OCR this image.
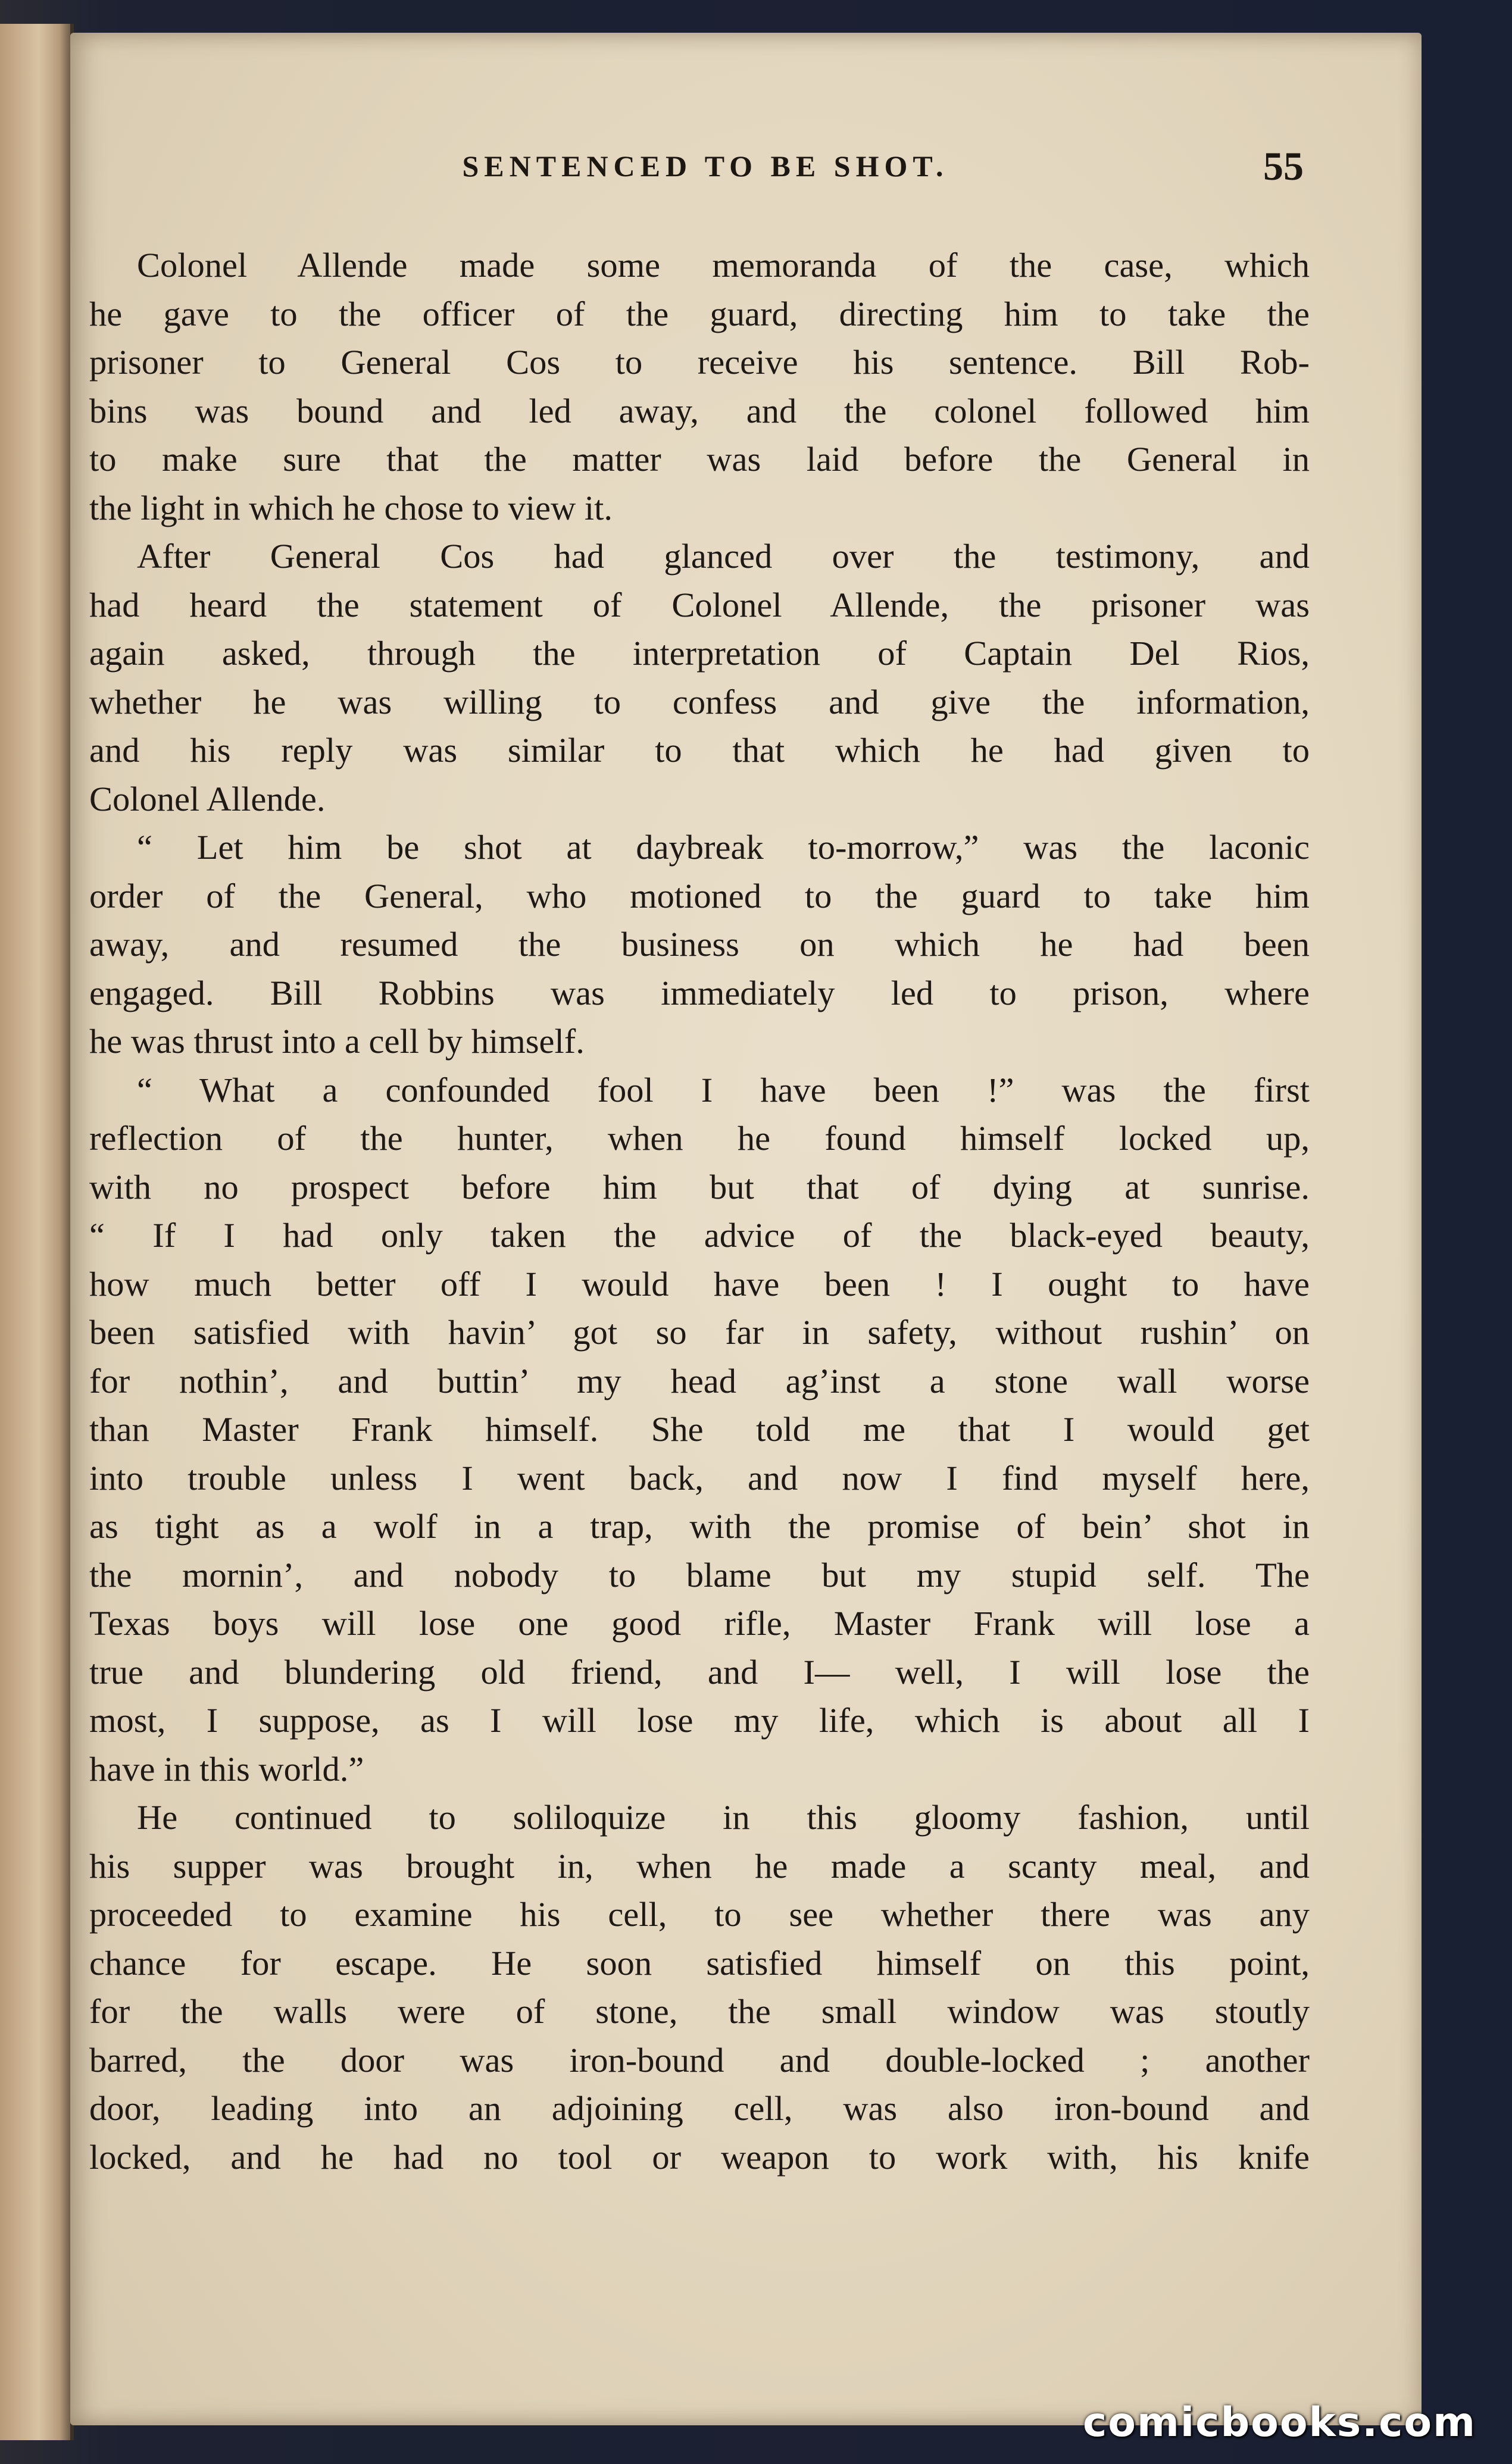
SENTENCED TO BE SHOT.	55

Colonel Allende made some memoranda of the case, which
he gave to the officer of the guard, directing him to take the
prisoner to General Cos to receive his sentence. Bill Rob-
bins was bound and led away, and the colonel followed him
to make sure that the matter was laid before the General in
the light in which he chose to view it.

After General Cos had glanced over the testimony, and
had heard the statement of Colonel Allende, the prisoner was
again asked, through the interpretation of Captain Del Rios,
whether he was willing to confess and give the information,
and his reply was similar to that which he had given to
Colonel Allende.

“ Let him be shot at daybreak to-morrow,” was the laconic
order of the General, who motioned to the guard to take him
away, and resumed the business on which he had been
engaged. Bill Robbins was immediately led to prison, where
he was thrust into a cell by himself.

“ What a confounded fool I have been !” was the first
reflection of the hunter, when he found himself locked up,
with no prospect before him but that of dying at sunrise.
“ If I had only taken the advice of the black-eyed beauty,
how much better off I would have been ! I ought to have
been satisfied with havin’ got so far in safety, without rushin’ on
for nothin’, and buttin’ my head ag’inst a stone wall worse
than Master Frank himself. She told me that I would get
into trouble unless I went back, and now I find myself here,
as tight as a wolf in a trap, with the promise of bein’ shot in
the mornin’, and nobody to blame but my stupid self. The
Texas boys will lose one good rifle, Master Frank will lose a
true and blundering old friend, and I— well, I will lose the
most, I suppose, as I will lose my life, which is about all I
have in this world.”

He continued to soliloquize in this gloomy fashion, until
his supper was brought in, when he made a scanty meal, and
proceeded to examine his cell, to see whether there was any
chance for escape. He soon satisfied himself on this point,
for the walls were of stone, the small window was stoutly
barred, the door was iron-bound and double-locked ; another
door, leading into an adjoining cell, was also iron-bound and
locked, and he had no tool or weapon to work with, his knife

comicbooks.com
